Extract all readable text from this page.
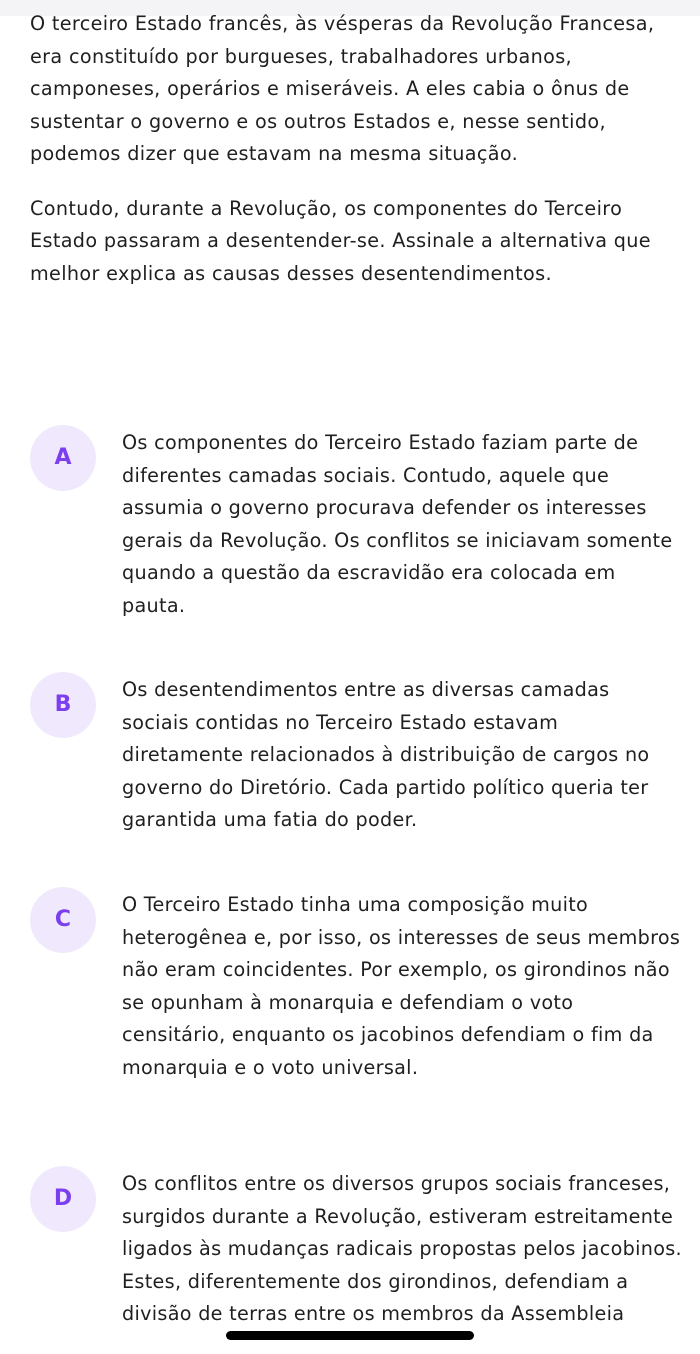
O terceiro Estado francês, às vésperas da Revolução Francesa, era constituído por burgueses, trabalhadores urbanos, camponeses, operários e miseráveis. A eles cabia o ônus de sustentar o governo e os outros Estados e, nesse sentido, podemos dizer que estavam na mesma situação.

Contudo, durante a Revolução, os componentes do Terceiro Estado passaram a desentender-se. Assinale a alternativa que melhor explica as causas desses desentendimentos.

A

Os componentes do Terceiro Estado faziam parte de diferentes camadas sociais. Contudo, aquele que assumia o governo procurava defender os interesses gerais da Revolução. Os conflitos se iniciavam somente quando a questão da escravidão era colocada em pauta.

B

Os desentendimentos entre as diversas camadas sociais contidas no Terceiro Estado estavam diretamente relacionados à distribuição de cargos no governo do Diretório. Cada partido político queria ter garantida uma fatia do poder.

C

O Terceiro Estado tinha uma composição muito heterogênea e, por isso, os interesses de seus membros não eram coincidentes. Por exemplo, os girondinos não se opunham à monarquia e defendiam o voto censitário, enquanto os jacobinos defendiam o fim da monarquia e o voto universal.

D

Os conflitos entre os diversos grupos sociais franceses, surgidos durante a Revolução, estiveram estreitamente ligados às mudanças radicais propostas pelos jacobinos. Estes, diferentemente dos girondinos, defendiam a divisão de terras entre os membros da Assembleia
